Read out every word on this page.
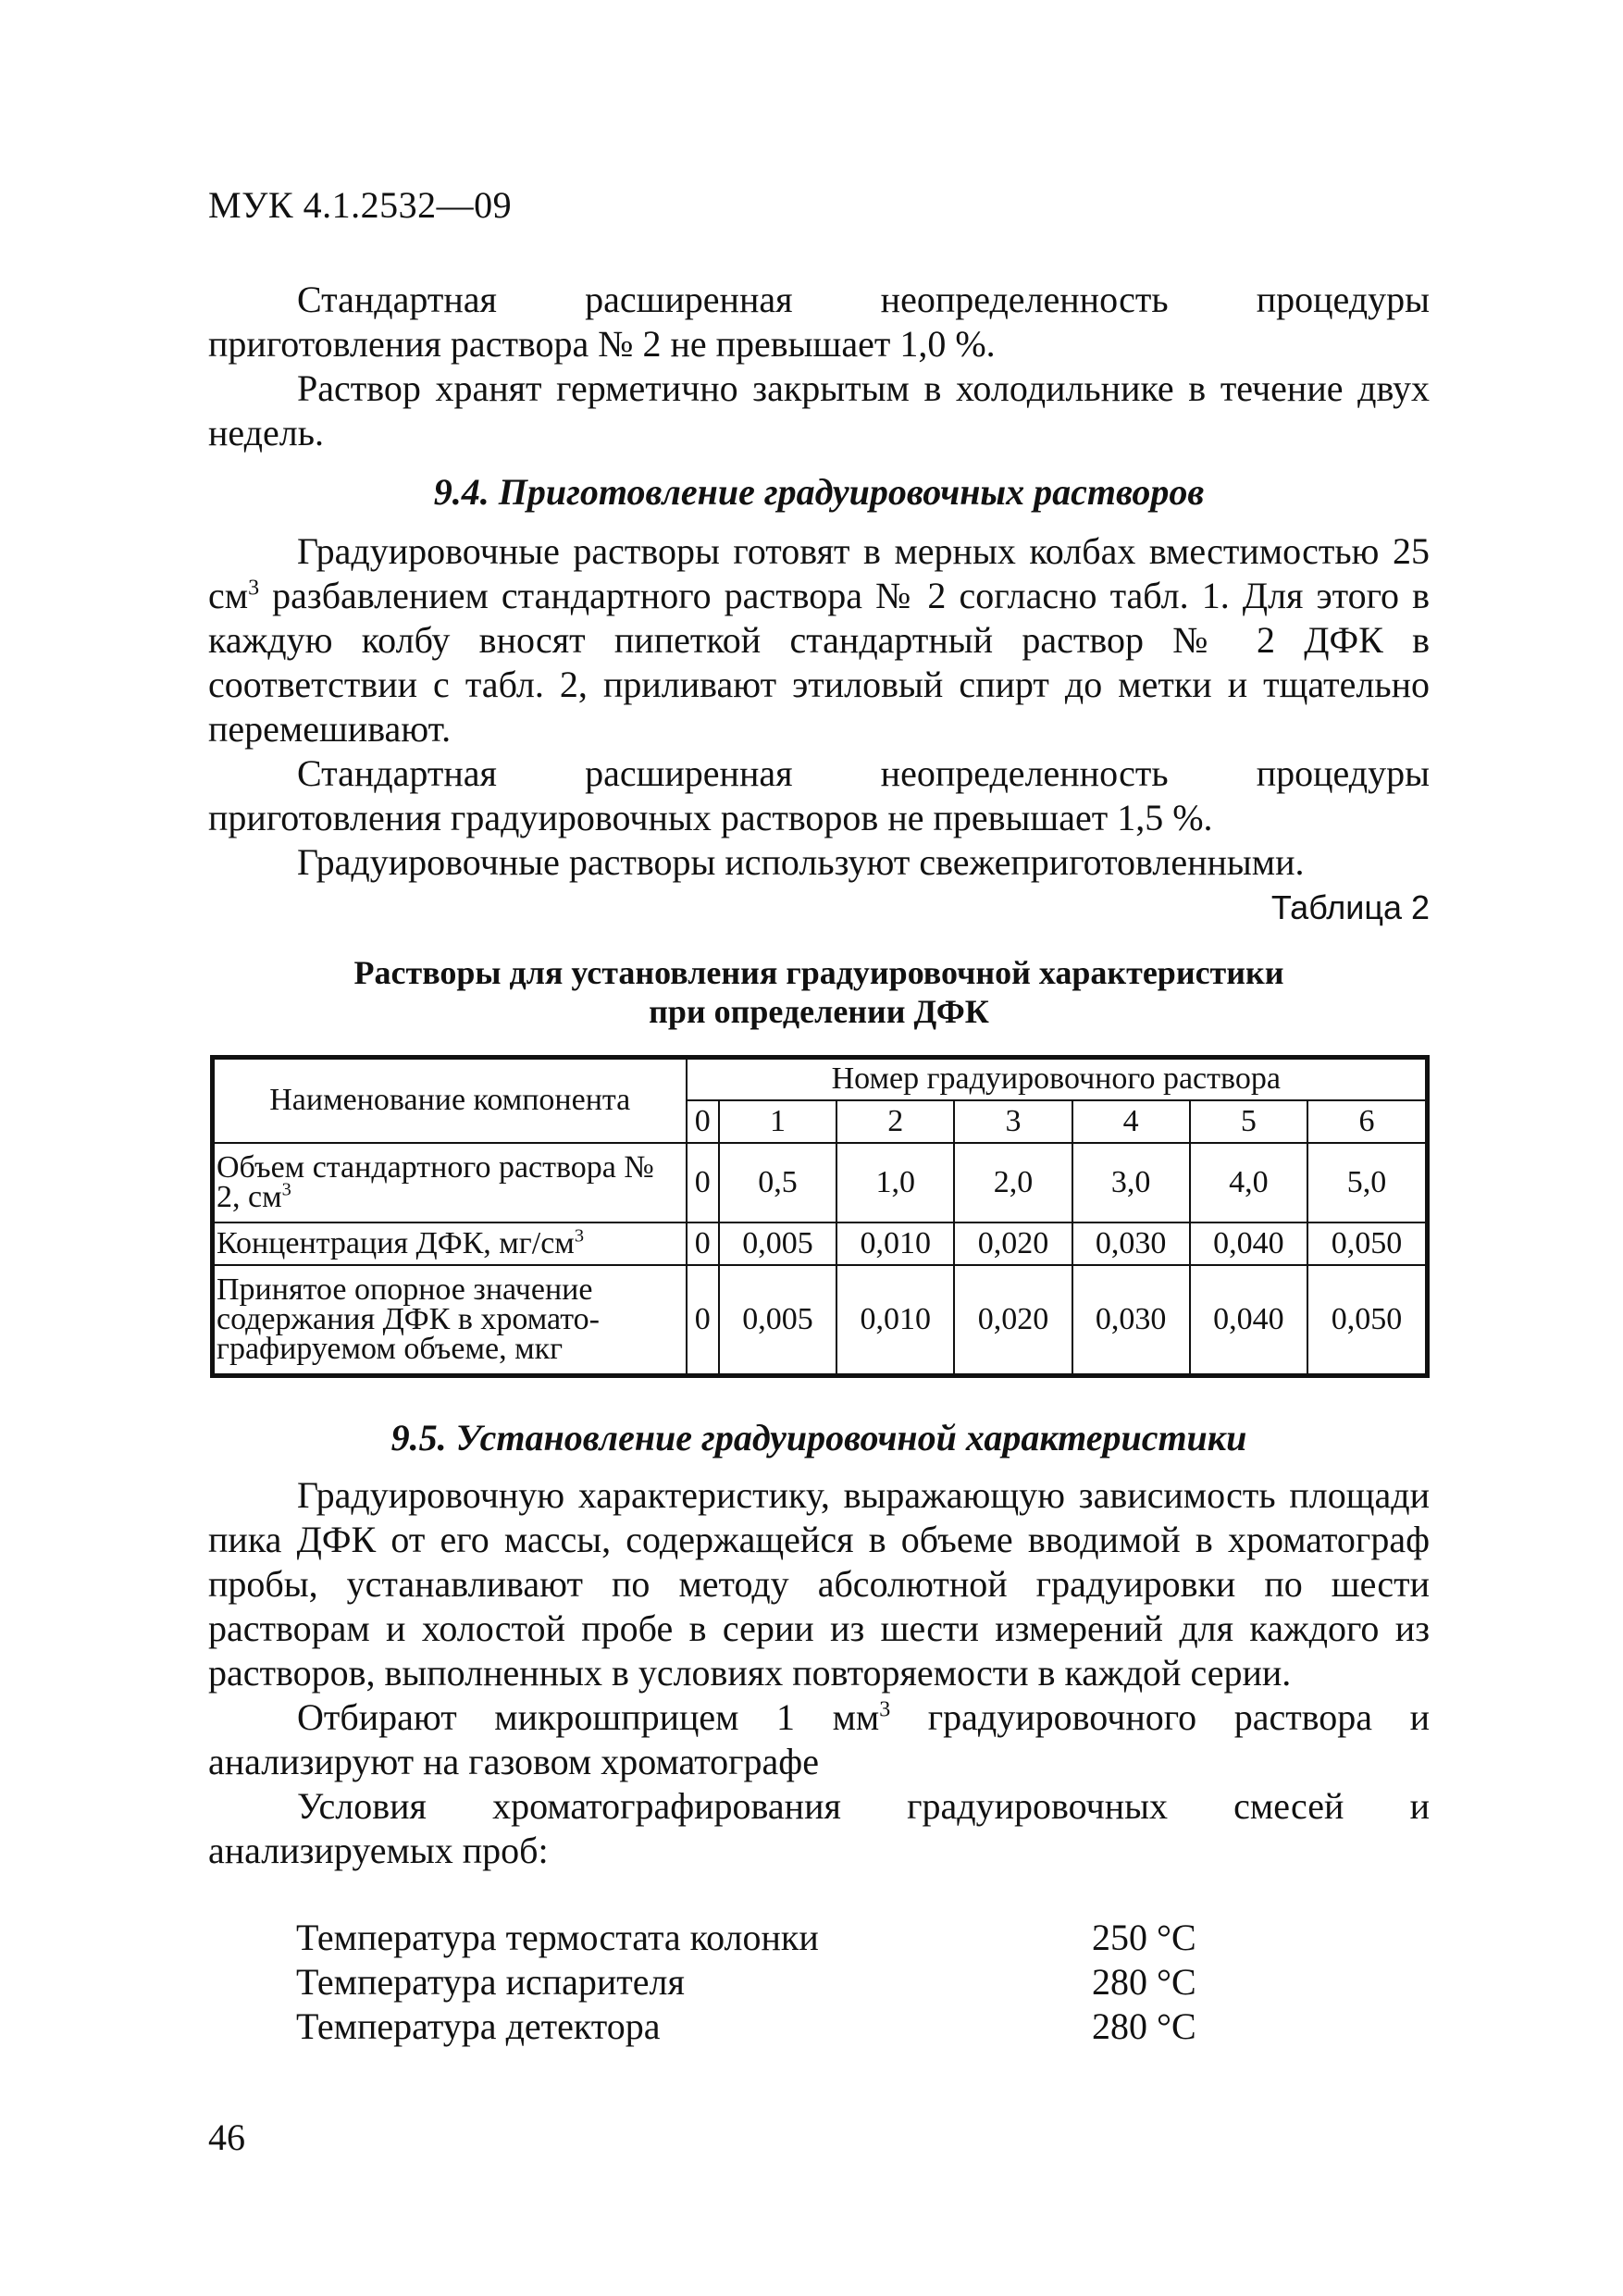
МУК 4.1.2532—09

Стандартная расширенная неопределенность процедуры приготовления раствора № 2 не превышает 1,0 %.

Раствор хранят герметично закрытым в холодильнике в течение двух недель.

9.4. Приготовление градуировочных растворов

Градуировочные растворы готовят в мерных колбах вместимостью 25 $см^3$ разбавлением стандартного раствора № 2 согласно табл. 1. Для этого в каждую колбу вносят пипеткой стандартный раствор № 2 ДФК в соответствии с табл. 2, приливают этиловый спирт до метки и тщательно перемешивают.

Стандартная расширенная неопределенность процедуры приготовления градуировочных растворов не превышает 1,5 %.

Градуировочные растворы используют свежеприготовленными.

Таблица 2
Растворы для установления градуировочной характеристики
при определении ДФК
Наименование компонента	Номер градуировочного раствора						
	0	1	2	3	4	5	6
Объем стандартного раствора № 2, $см^3$	0	0,5	1,0	2,0	3,0	4,0	5,0
Концентрация ДФК, $мг/см^3$	0	0,005	0,010	0,020	0,030	0,040	0,050
Принятое опорное значение содержания ДФК в хромато-графируемом объеме, мкг	0	0,005	0,010	0,020	0,030	0,040	0,050
9.5. Установление градуировочной характеристики

Градуировочную характеристику, выражающую зависимость площади пика ДФК от его массы, содержащейся в объеме вводимой в хроматограф пробы, устанавливают по методу абсолютной градуировки по шести растворам и холостой пробе в серии из шести измерений для каждого из растворов, выполненных в условиях повторяемости в каждой серии.

Отбирают микрошприцем 1 $мм^3$ градуировочного раствора и анализируют на газовом хроматографе

Условия хроматографирования градуировочных смесей и анализируемых проб:

Температура термостата колонки	250 °С
Температура испарителя	280 °С
Температура детектора	280 °С
46
